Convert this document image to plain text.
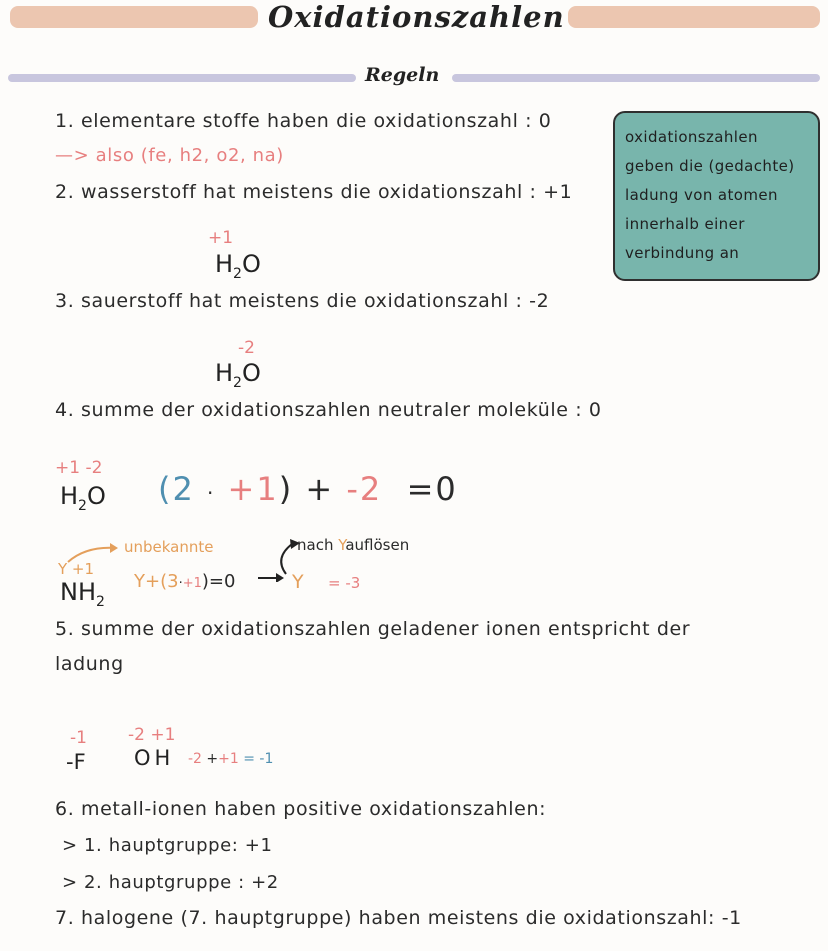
Oxidationszahlen
Regeln
oxidationszahlen
geben die (gedachte)
ladung von atomen
innerhalb einer
verbindung an
1. elementare stoffe haben die oxidationszahl : 0
—> also (fe, h2, o2, na)
2. wasserstoff hat meistens die oxidationszahl : +1
+1
$H_2O$
3. sauerstoff hat meistens die oxidationszahl : -2
-2
$H_2O$
4. summe der oxidationszahlen neutraler moleküle : 0
+1 -2
$H_2O$ (2 · +1) + -2 =0
unbekannte
Y +1
$NH_2$
Y+(3·+1)=0
nach Yauflösen
Y = -3
5. summe der oxidationszahlen geladener ionen entspricht der
ladung
-1
-F
-2 +1
OH -2 ++1 = -1
6. metall-ionen haben positive oxidationszahlen:
> 1. hauptgruppe: +1
> 2. hauptgruppe : +2
7. halogene (7. hauptgruppe) haben meistens die oxidationszahl: -1
